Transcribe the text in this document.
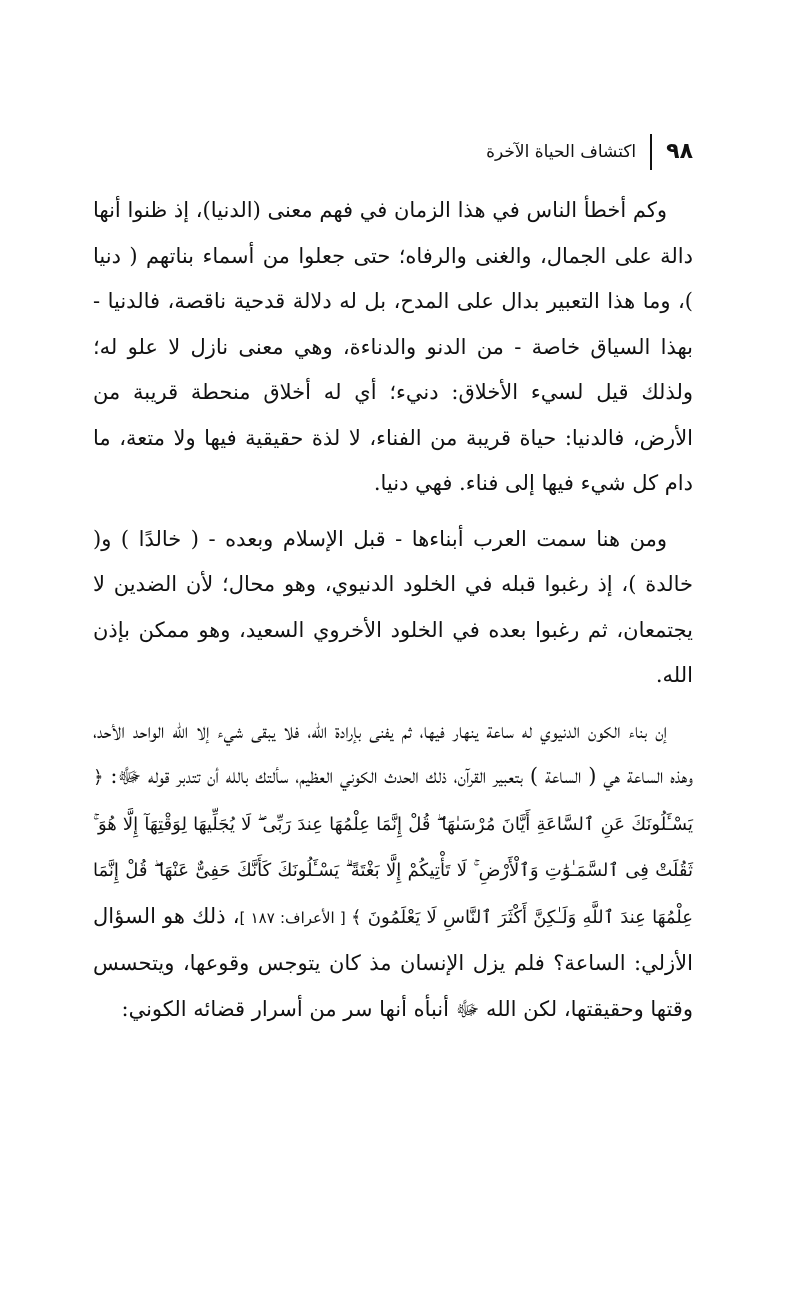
٩٨
اكتشاف الحياة الآخرة

وكم أخطأ الناس في هذا الزمان في فهم معنى (الدنيا)، إذ ظنوا أنها دالة على الجمال، والغنى والرفاه؛ حتى جعلوا من أسماء بناتهم ( دنيا )، وما هذا التعبير بدال على المدح، بل له دلالة قدحية ناقصة، فالدنيا - بهذا السياق خاصة - من الدنو والدناءة، وهي معنى نازل لا علو له؛ ولذلك قيل لسيء الأخلاق: دنيء؛ أي له أخلاق منحطة قريبة من الأرض، فالدنيا: حياة قريبة من الفناء، لا لذة حقيقية فيها ولا متعة، ما دام كل شيء فيها إلى فناء. فهي دنيا.

ومن هنا سمت العرب أبناءها - قبل الإسلام وبعده - ( خالدًا ) و( خالدة )، إذ رغبوا قبله في الخلود الدنيوي، وهو محال؛ لأن الضدين لا يجتمعان، ثم رغبوا بعده في الخلود الأخروي السعيد، وهو ممكن بإذن الله.

إن بناء الكون الدنيوي له ساعة ينهار فيها، ثم يفنى بإرادة الله، فلا يبقى شيء إلا الله الواحد الأحد، وهذه الساعة هي ( الساعة ) بتعبير القرآن، ذلك الحدث الكوني العظيم، سألتك بالله أن تتدبر قوله ﷻ: ﴿ يَسْـَٔلُونَكَ عَنِ ٱلسَّاعَةِ أَيَّانَ مُرْسَىٰهَا ۖ قُلْ إِنَّمَا عِلْمُهَا عِندَ رَبِّى ۖ لَا يُجَلِّيهَا لِوَقْتِهَآ إِلَّا هُوَ ۚ ثَقُلَتْ فِى ٱلسَّمَـٰوَٰتِ وَٱلْأَرْضِ ۚ لَا تَأْتِيكُمْ إِلَّا بَغْتَةً ۗ يَسْـَٔلُونَكَ كَأَنَّكَ حَفِىٌّ عَنْهَا ۖ قُلْ إِنَّمَا عِلْمُهَا عِندَ ٱللَّهِ وَلَـٰكِنَّ أَكْثَرَ ٱلنَّاسِ لَا يَعْلَمُونَ ﴾ [ الأعراف: ١٨٧ ]، ذلك هو السؤال الأزلي: الساعة؟ فلم يزل الإنسان مذ كان يتوجس وقوعها، ويتحسس وقتها وحقيقتها، لكن الله ﷻ أنبأه أنها سر من أسرار قضائه الكوني:
